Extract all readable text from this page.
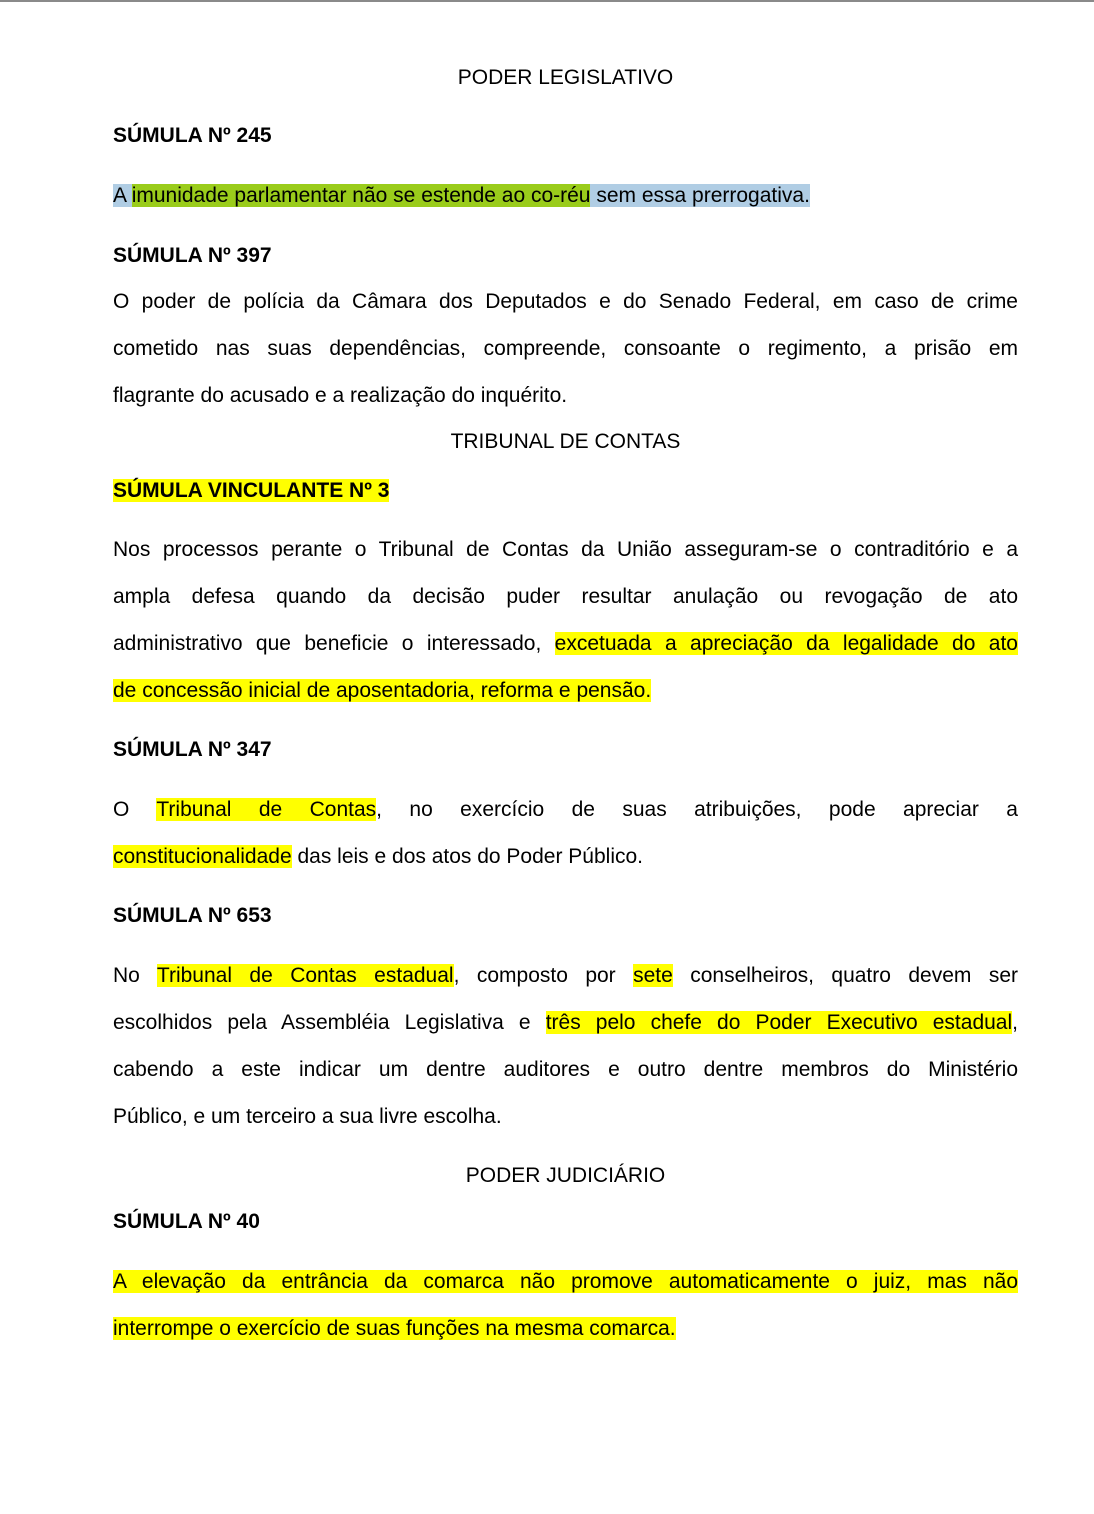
PODER LEGISLATIVO
SÚMULA Nº 245
A imunidade parlamentar não se estende ao co-réu sem essa prerrogativa.
SÚMULA Nº 397
O poder de polícia da Câmara dos Deputados e do Senado Federal, em caso de crime
cometido nas suas dependências, compreende, consoante o regimento, a prisão em
flagrante do acusado e a realização do inquérito.
TRIBUNAL DE CONTAS
SÚMULA VINCULANTE Nº 3
Nos processos perante o Tribunal de Contas da União asseguram-se o contraditório e a
ampla defesa quando da decisão puder resultar anulação ou revogação de ato
administrativo que beneficie o interessado, excetuada a apreciação da legalidade do ato
de concessão inicial de aposentadoria, reforma e pensão.
SÚMULA Nº 347
O Tribunal de Contas, no exercício de suas atribuições, pode apreciar a
constitucionalidade das leis e dos atos do Poder Público.
SÚMULA Nº 653
No Tribunal de Contas estadual, composto por sete conselheiros, quatro devem ser
escolhidos pela Assembléia Legislativa e três pelo chefe do Poder Executivo estadual,
cabendo a este indicar um dentre auditores e outro dentre membros do Ministério
Público, e um terceiro a sua livre escolha.
PODER JUDICIÁRIO
SÚMULA Nº 40
A elevação da entrância da comarca não promove automaticamente o juiz, mas não
interrompe o exercício de suas funções na mesma comarca.
